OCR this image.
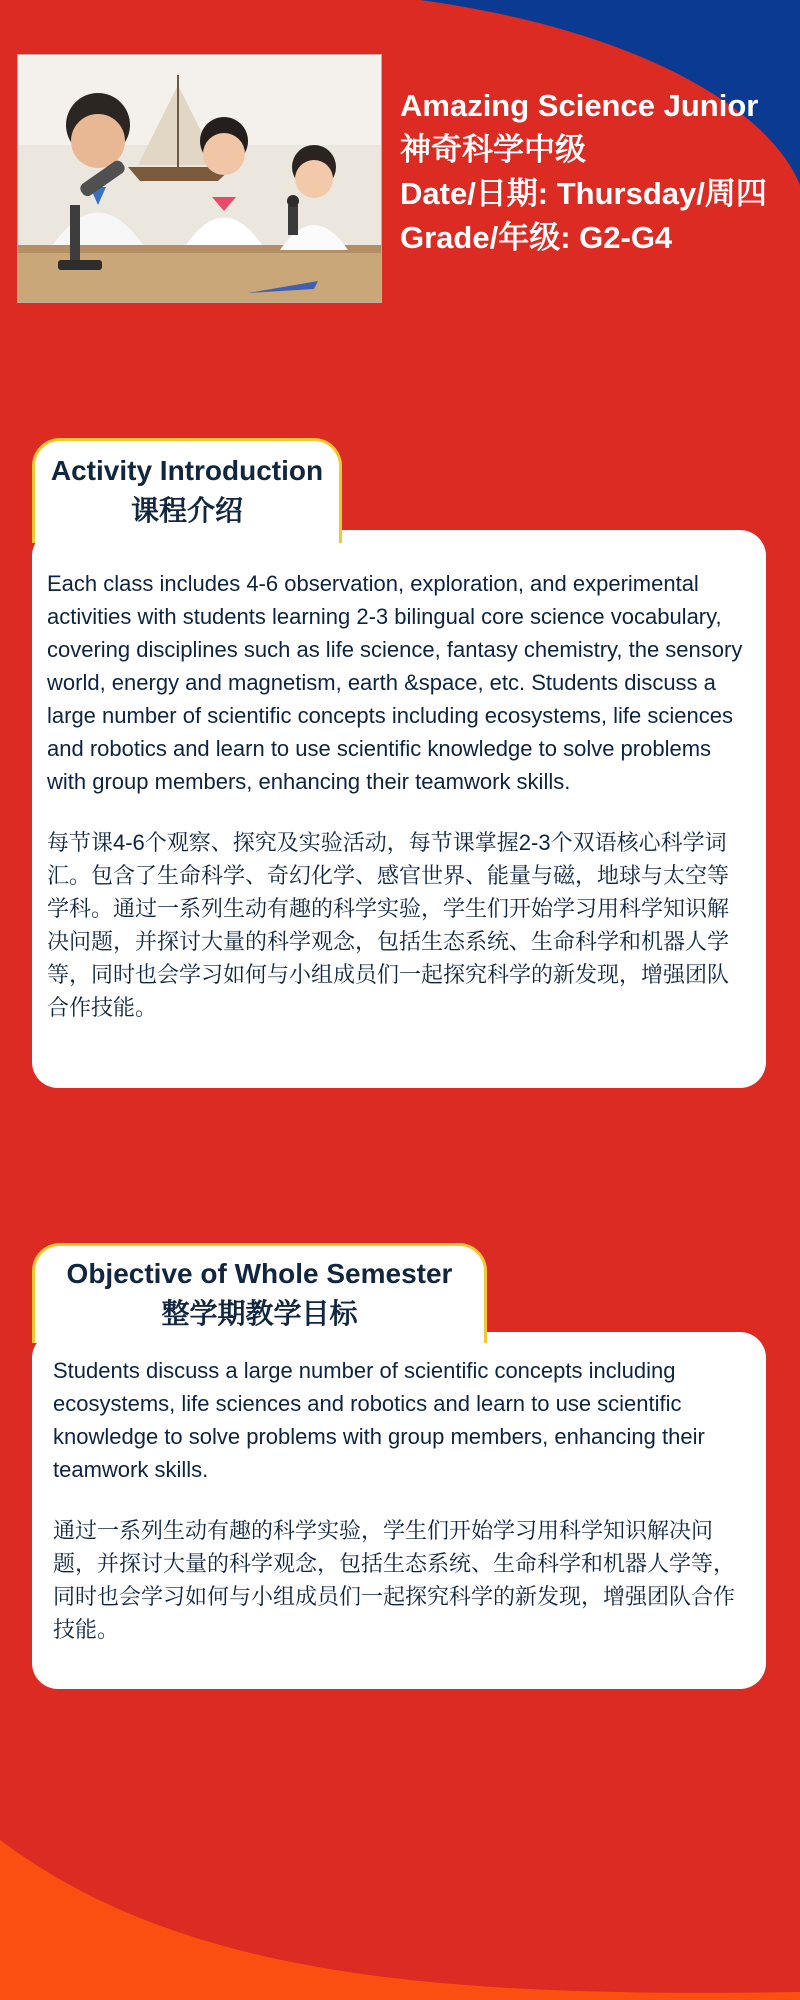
Amazing Science Junior
神奇科学中级
Date/日期: Thursday/周四
Grade/年级: G2-G4
Activity Introduction
课程介绍

Each class includes 4-6 observation, exploration, and experimental activities with students learning 2-3 bilingual core science vocabulary, covering disciplines such as life science, fantasy chemistry, the sensory world, energy and magnetism, earth &space, etc. Students discuss a large number of scientific concepts including ecosystems, life sciences and robotics and learn to use scientific knowledge to solve problems with group members, enhancing their teamwork skills.

每节课4-6个观察、探究及实验活动，每节课掌握2-3个双语核心科学词汇。包含了生命科学、奇幻化学、感官世界、能量与磁，地球与太空等学科。通过一系列生动有趣的科学实验，学生们开始学习用科学知识解决问题，并探讨大量的科学观念，包括生态系统、生命科学和机器人学等，同时也会学习如何与小组成员们一起探究科学的新发现，增强团队合作技能。

Objective of Whole Semester
整学期教学目标

Students discuss a large number of scientific concepts including ecosystems, life sciences and robotics and learn to use scientific knowledge to solve problems with group members, enhancing their teamwork skills.

通过一系列生动有趣的科学实验，学生们开始学习用科学知识解决问题，并探讨大量的科学观念，包括生态系统、生命科学和机器人学等，同时也会学习如何与小组成员们一起探究科学的新发现，增强团队合作技能。
